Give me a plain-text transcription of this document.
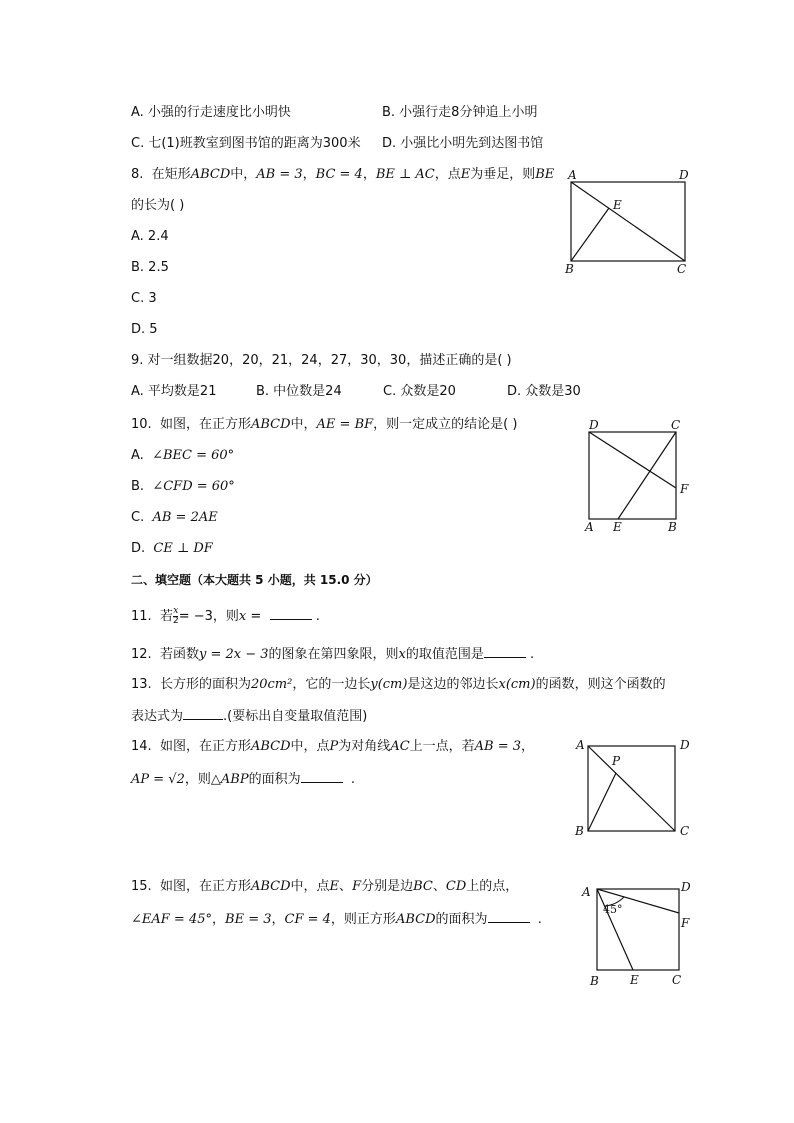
A. 小强的行走速度比小明快	B. 小强行走8分钟追上小明
C. 七(1)班教室到图书馆的距离为300米 D. 小强比小明先到达图书馆
8. 在矩形ABCD中，AB = 3，BC = 4，BE ⊥ AC，点E为垂足，则BE
的长为( )
A. 2.4
B. 2.5
C. 3
D. 5
A	D
E
B	C
9. 对一组数据20，20，21，24，27，30，30，描述正确的是( )
A. 平均数是21	B. 中位数是24	C. 众数是20	D. 众数是30
10. 如图，在正方形ABCD中，AE = BF，则一定成立的结论是( )
A.  ∠BEC = 60°
B.  ∠CFD = 60°
C.  AB = 2AE
D.  CE ⊥ DF
D	C
F
A E	B
二、填空题（本大题共 5 小题，共 15.0 分）
11. 若 $\frac{x}{2} = -3$，则x =	.
12. 若函数y = 2x − 3的图象在第四象限，则x的取值范围是	.
13. 长方形的面积为20cm²，它的一边长y(cm)是这边的邻边长x(cm)的函数，则这个函数的
表达式为	.(要标出自变量取值范围)
14. 如图，在正方形ABCD中，点P为对角线AC上一点，若AB = 3，
AP = √2，则△ABP的面积为	.
A	D
P
B	C
15. 如图，在正方形ABCD中，点E、F分别是边BC、CD上的点，
∠EAF = 45°，BE = 3，CF = 4，则正方形ABCD的面积为	.
A	D
F
45°
B	E	C
